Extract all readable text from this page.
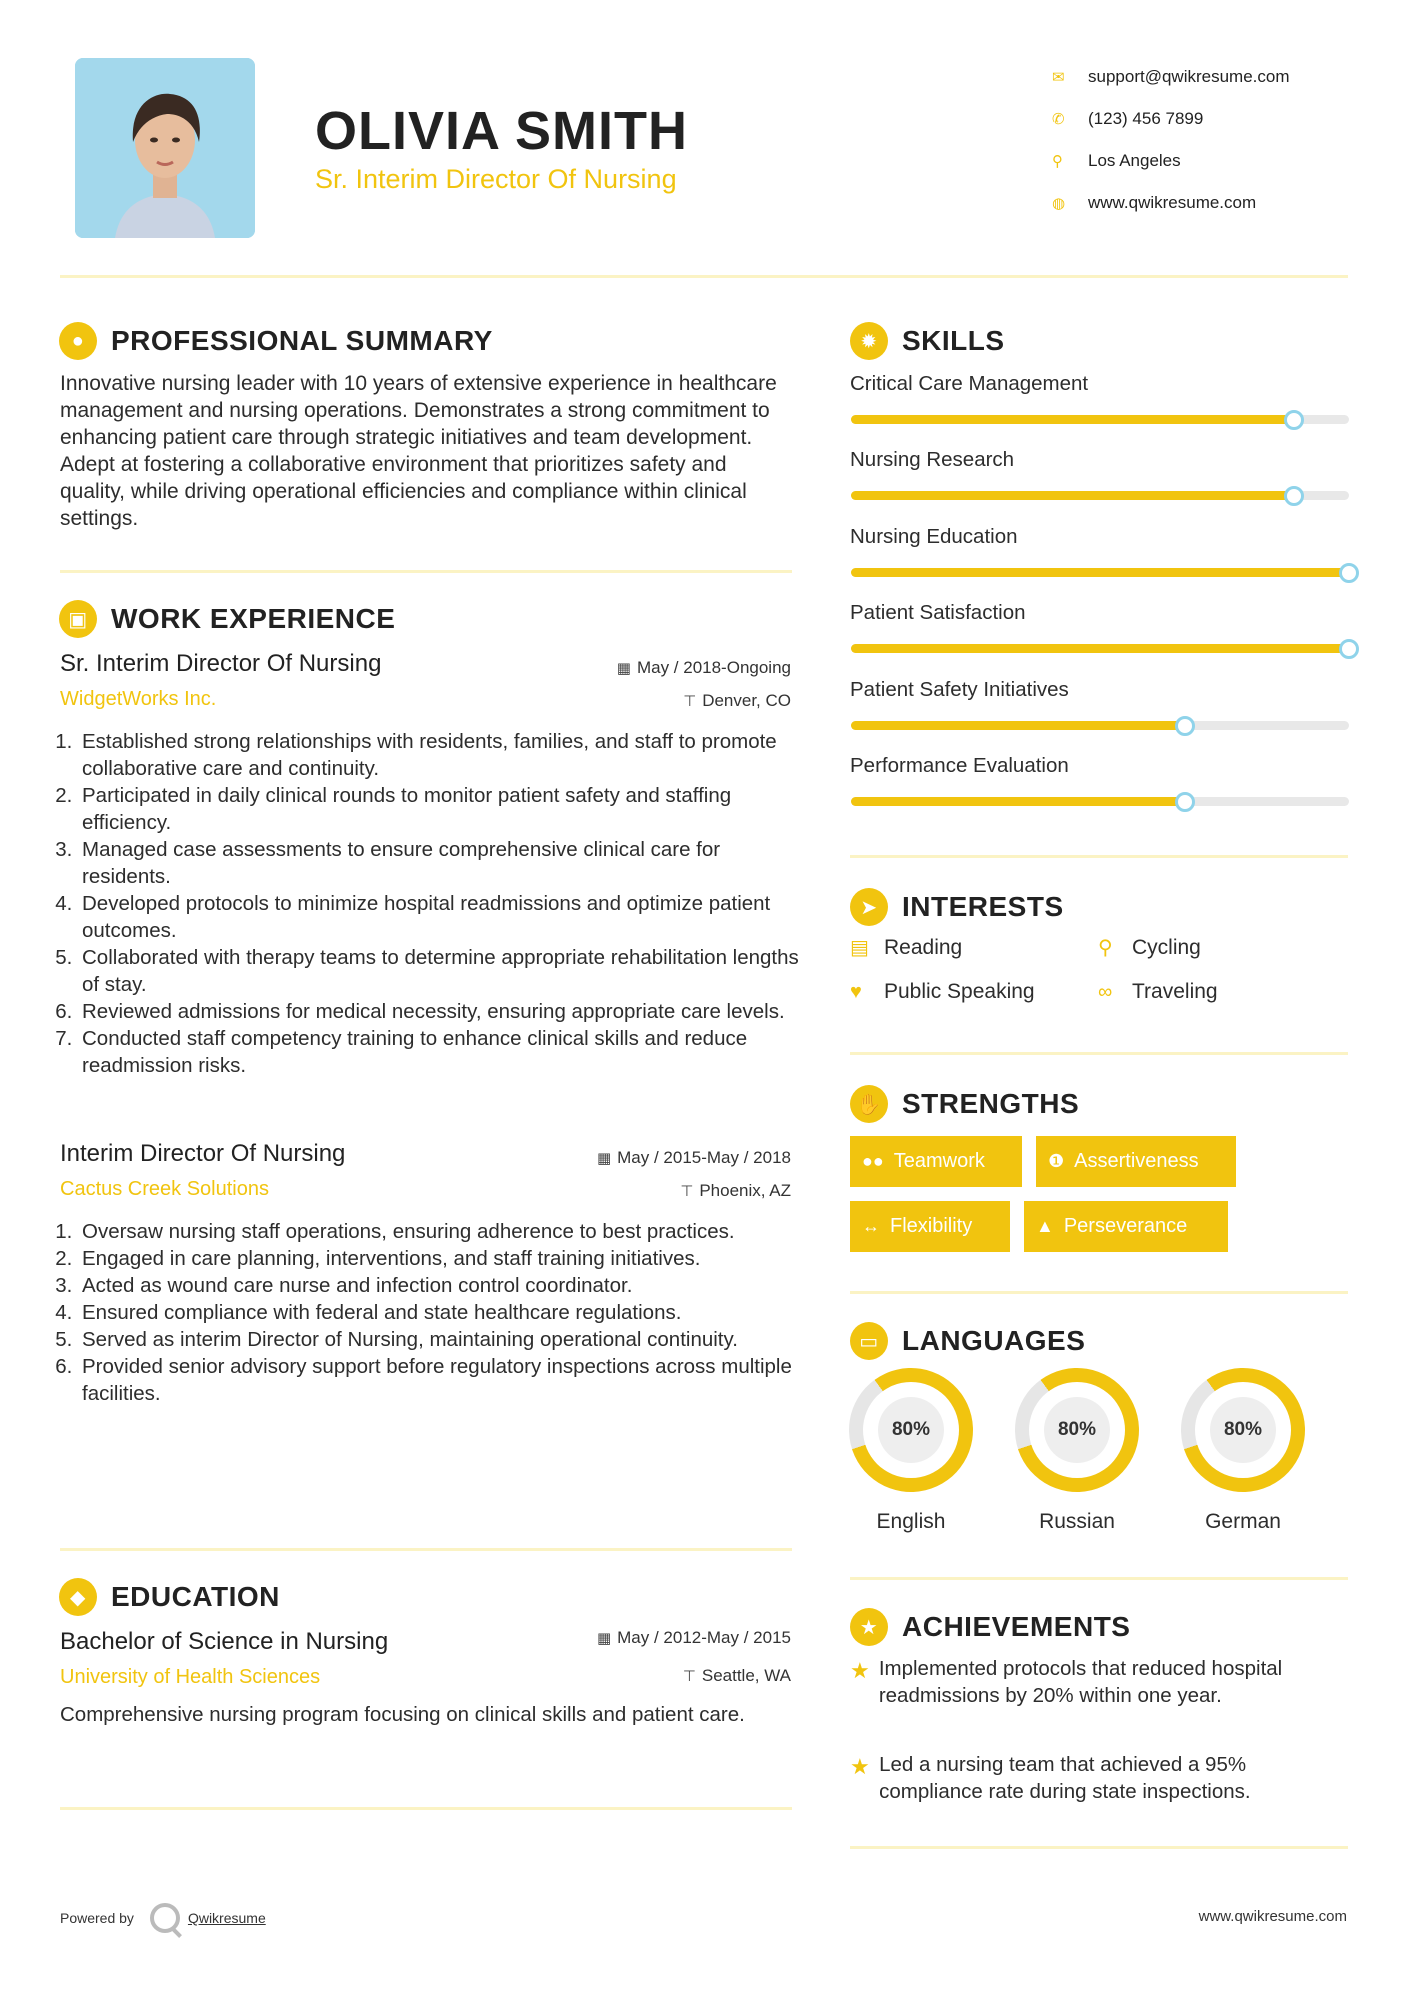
OLIVIA SMITH
Sr. Interim Director Of Nursing
✉	support@qwikresume.com
✆	(123) 456 7899
⚲	Los Angeles
◍	www.qwikresume.com
● PROFESSIONAL SUMMARY
Innovative nursing leader with 10 years of extensive experience in healthcare management and nursing operations. Demonstrates a strong commitment to enhancing patient care through strategic initiatives and team development. Adept at fostering a collaborative environment that prioritizes safety and quality, while driving operational efficiencies and compliance within clinical settings.
▣ WORK EXPERIENCE
Sr. Interim Director Of Nursing
WidgetWorks Inc.
▦ May / 2018-Ongoing
⊤ Denver, CO
1. Established strong relationships with residents, families, and staff to promote collaborative care and continuity.
2. Participated in daily clinical rounds to monitor patient safety and staffing efficiency.
3. Managed case assessments to ensure comprehensive clinical care for residents.
4. Developed protocols to minimize hospital readmissions and optimize patient outcomes.
5. Collaborated with therapy teams to determine appropriate rehabilitation lengths of stay.
6. Reviewed admissions for medical necessity, ensuring appropriate care levels.
7. Conducted staff competency training to enhance clinical skills and reduce readmission risks.
Interim Director Of Nursing
Cactus Creek Solutions
▦ May / 2015-May / 2018
⊤ Phoenix, AZ
1. Oversaw nursing staff operations, ensuring adherence to best practices.
2. Engaged in care planning, interventions, and staff training initiatives.
3. Acted as wound care nurse and infection control coordinator.
4. Ensured compliance with federal and state healthcare regulations.
5. Served as interim Director of Nursing, maintaining operational continuity.
6. Provided senior advisory support before regulatory inspections across multiple facilities.
◆ EDUCATION
Bachelor of Science in Nursing
University of Health Sciences
▦ May / 2012-May / 2015
⊤ Seattle, WA
Comprehensive nursing program focusing on clinical skills and patient care.
✹ SKILLS
Critical Care Management
Nursing Research
Nursing Education
Patient Satisfaction
Patient Safety Initiatives
Performance Evaluation
➤ INTERESTS
▤ Reading	⚲ Cycling
♥	Public Speaking	∞ Traveling
✋ STRENGTHS
●● Teamwork	❶ Assertiveness
↔ Flexibility	▲ Perseverance
▭ LANGUAGES
80%
English
80%
Russian
80%
German
★ ACHIEVEMENTS
★ Implemented protocols that reduced hospital readmissions by 20% within one year.
★ Led a nursing team that achieved a 95% compliance rate during state inspections.
Powered by	Qwikresume	www.qwikresume.com
